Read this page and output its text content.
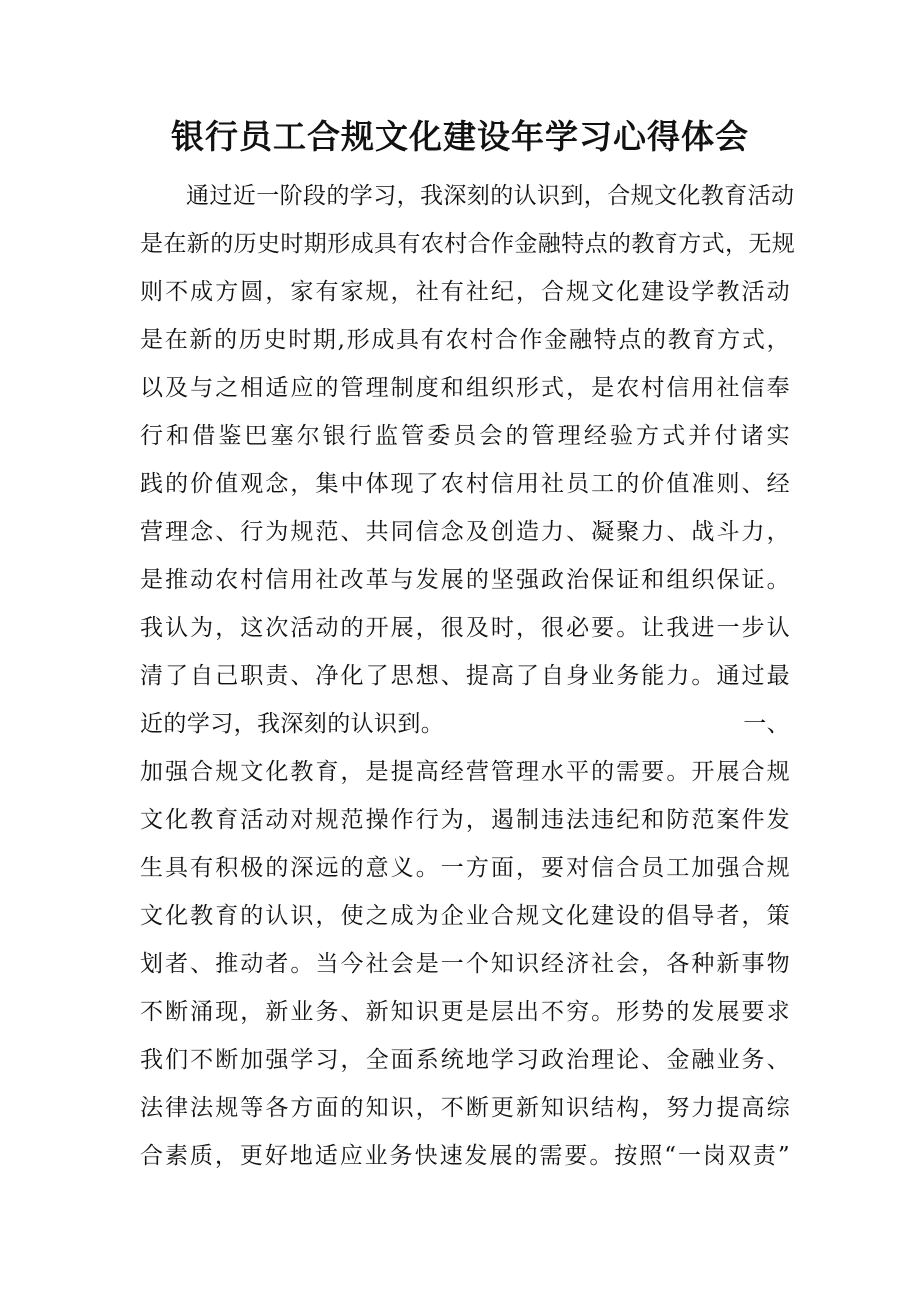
银行员工合规文化建设年学习心得体会
通过近一阶段的学习，我深刻的认识到，合规文化教育活动
是在新的历史时期形成具有农村合作金融特点的教育方式，无规
则不成方圆，家有家规，社有社纪，合规文化建设学教活动
是在新的历史时期,形成具有农村合作金融特点的教育方式，
以及与之相适应的管理制度和组织形式，是农村信用社信奉
行和借鉴巴塞尔银行监管委员会的管理经验方式并付诸实
践的价值观念，集中体现了农村信用社员工的价值准则、经
营理念、行为规范、共同信念及创造力、凝聚力、战斗力，
是推动农村信用社改革与发展的坚强政治保证和组织保证。
我认为，这次活动的开展，很及时，很必要。让我进一步认
清了自己职责、净化了思想、提高了自身业务能力。通过最
近的学习，我深刻的认识到。	一、
加强合规文化教育，是提高经营管理水平的需要。开展合规
文化教育活动对规范操作行为，遏制违法违纪和防范案件发
生具有积极的深远的意义。一方面，要对信合员工加强合规
文化教育的认识，使之成为企业合规文化建设的倡导者，策
划者、推动者。当今社会是一个知识经济社会，各种新事物
不断涌现，新业务、新知识更是层出不穷。形势的发展要求
我们不断加强学习，全面系统地学习政治理论、金融业务、
法律法规等各方面的知识，不断更新知识结构，努力提高综
合素质，更好地适应业务快速发展的需要。按照“一岗双责”
